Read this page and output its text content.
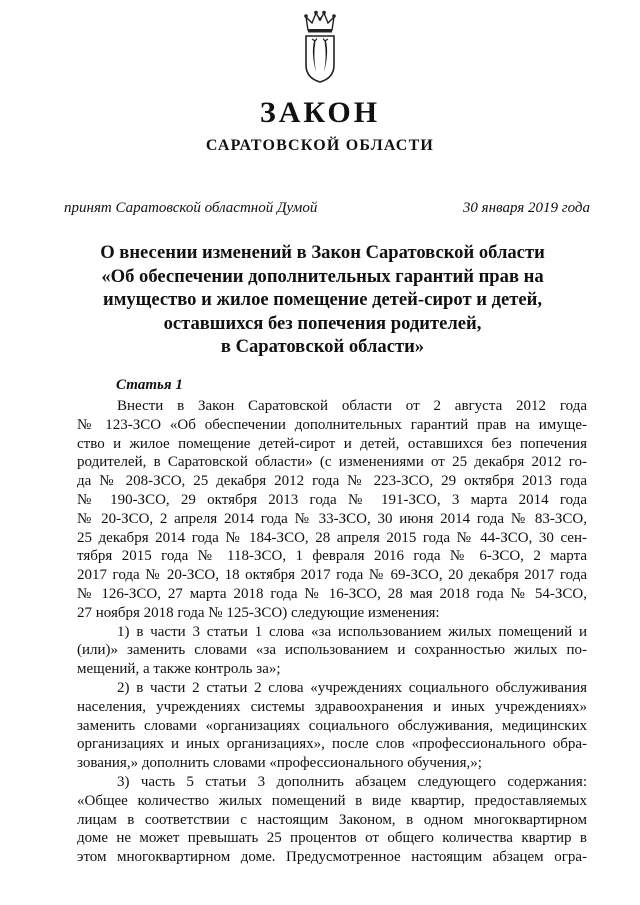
ЗАКОН
САРАТОВСКОЙ ОБЛАСТИ
принят Саратовской областной Думой	30 января 2019 года
О внесении изменений в Закон Саратовской области
«Об обеспечении дополнительных гарантий прав на
имущество и жилое помещение детей-сирот и детей,
оставшихся без попечения родителей,
в Саратовской области»
Статья 1
Внести в Закон Саратовской области от 2 августа 2012 года
№ 123-ЗСО «Об обеспечении дополнительных гарантий прав на имуще-
ство и жилое помещение детей-сирот и детей, оставшихся без попечения
родителей, в Саратовской области» (с изменениями от 25 декабря 2012 го-
да № 208-ЗСО, 25 декабря 2012 года № 223-ЗСО, 29 октября 2013 года
№ 190-ЗСО, 29 октября 2013 года № 191-ЗСО, 3 марта 2014 года
№ 20-ЗСО, 2 апреля 2014 года № 33-ЗСО, 30 июня 2014 года № 83-ЗСО,
25 декабря 2014 года № 184-ЗСО, 28 апреля 2015 года № 44-ЗСО, 30 сен-
тября 2015 года № 118-ЗСО, 1 февраля 2016 года № 6-ЗСО, 2 марта
2017 года № 20-ЗСО, 18 октября 2017 года № 69-ЗСО, 20 декабря 2017 года
№ 126-ЗСО, 27 марта 2018 года № 16-ЗСО, 28 мая 2018 года № 54-ЗСО,
27 ноября 2018 года № 125-ЗСО) следующие изменения:
1) в части 3 статьи 1 слова «за использованием жилых помещений и
(или)» заменить словами «за использованием и сохранностью жилых по-
мещений, а также контроль за»;
2) в части 2 статьи 2 слова «учреждениях социального обслуживания
населения, учреждениях системы здравоохранения и иных учреждениях»
заменить словами «организациях социального обслуживания, медицинских
организациях и иных организациях», после слов «профессионального обра-
зования,» дополнить словами «профессионального обучения,»;
3) часть 5 статьи 3 дополнить абзацем следующего содержания:
«Общее количество жилых помещений в виде квартир, предоставляемых
лицам в соответствии с настоящим Законом, в одном многоквартирном
доме не может превышать 25 процентов от общего количества квартир в
этом многоквартирном доме. Предусмотренное настоящим абзацем огра-
